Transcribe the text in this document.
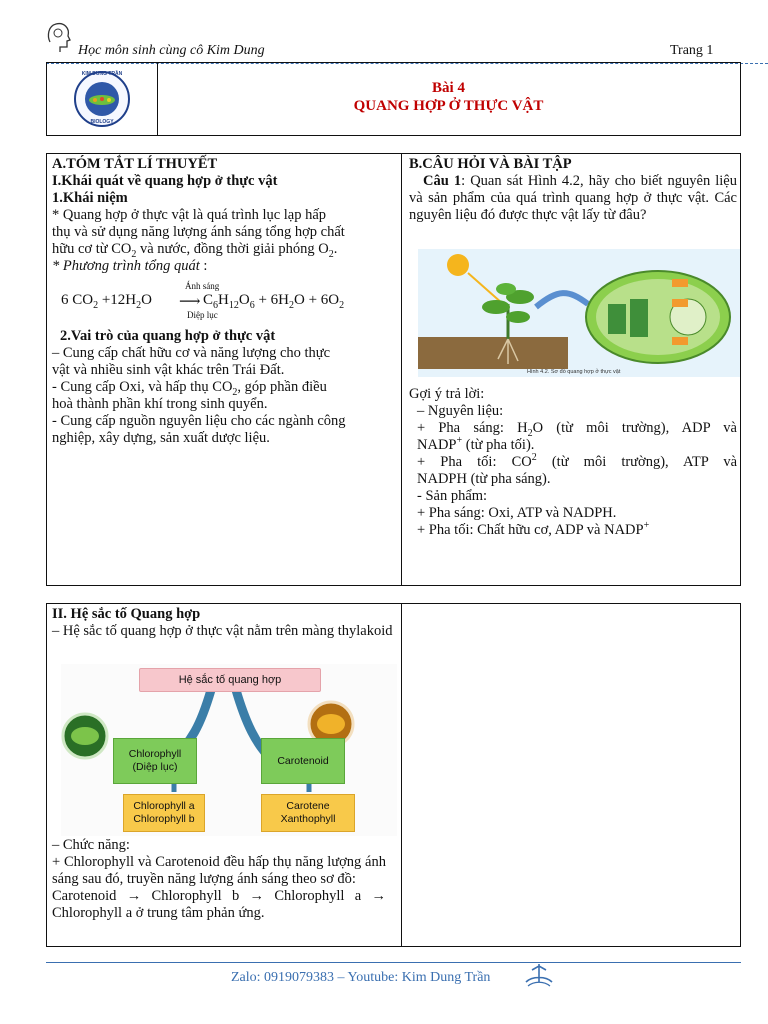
Học môn sinh cùng cô Kim Dung	Trang 1
KIM DUNG TRẦN
BIOLOGY
Bài 4
QUANG HỢP Ở THỰC VẬT
A.TÓM TẮT LÍ THUYẾT
I.Khái quát về quang hợp ở thực vật
1.Khái niệm
* Quang hợp ở thực vật là quá trình lục lạp hấp
thụ và sử dụng năng lượng ánh sáng tổng hợp chất
hữu cơ từ $CO_2$ và nước, đồng thời giải phóng $O_2$.
* Phương trình tổng quát :
6 $CO_2 +12H_2O$
Ánh sáng
⟶
Diệp lục
$C_6H_{12}O_6 + 6H_2O + 6O_2$
2.Vai trò của quang hợp ở thực vật
– Cung cấp chất hữu cơ và năng lượng cho thực
vật và nhiều sinh vật khác trên Trái Đất.
- Cung cấp Oxi, và hấp thụ $CO_2$, góp phần điều
hoà thành phần khí trong sinh quyển.
- Cung cấp nguồn nguyên liệu cho các ngành công
nghiệp, xây dựng, sản xuất dược liệu.
B.CÂU HỎI VÀ BÀI TẬP
Câu 1: Quan sát Hình 4.2, hãy cho biết nguyên liệu và sản phẩm của quá trình quang hợp ở thực vật. Các nguyên liệu đó được thực vật lấy từ đâu?
Hình 4.2. Sơ đồ quang hợp ở thực vật
Gợi ý trả lời:
– Nguyên liệu:
+ Pha sáng: $H_2O$ (từ môi trường), ADP và
NADP+ (từ pha tối).
+ Pha tối: $CO^2$ (từ môi trường), ATP và
NADPH (từ pha sáng).
- Sản phẩm:
+ Pha sáng: Oxi, ATP và NADPH.
+ Pha tối: Chất hữu cơ, ADP và NADP+
II. Hệ sắc tố Quang hợp
– Hệ sắc tố quang hợp ở thực vật nằm trên màng thylakoid
Hệ sắc tố quang hợp
Chlorophyll
(Diệp lục)	Carotenoid
Chlorophyll a
Chlorophyll b
Carotene
Xanthophyll
– Chức năng:
+ Chlorophyll và Carotenoid đều hấp thụ năng lượng ánh sáng sau đó, truyền năng lượng ánh sáng theo sơ đồ:
Carotenoid → Chlorophyll b → Chlorophyll a → Chlorophyll a ở trung tâm phản ứng.
Zalo: 0919079383 – Youtube: Kim Dung Trần
